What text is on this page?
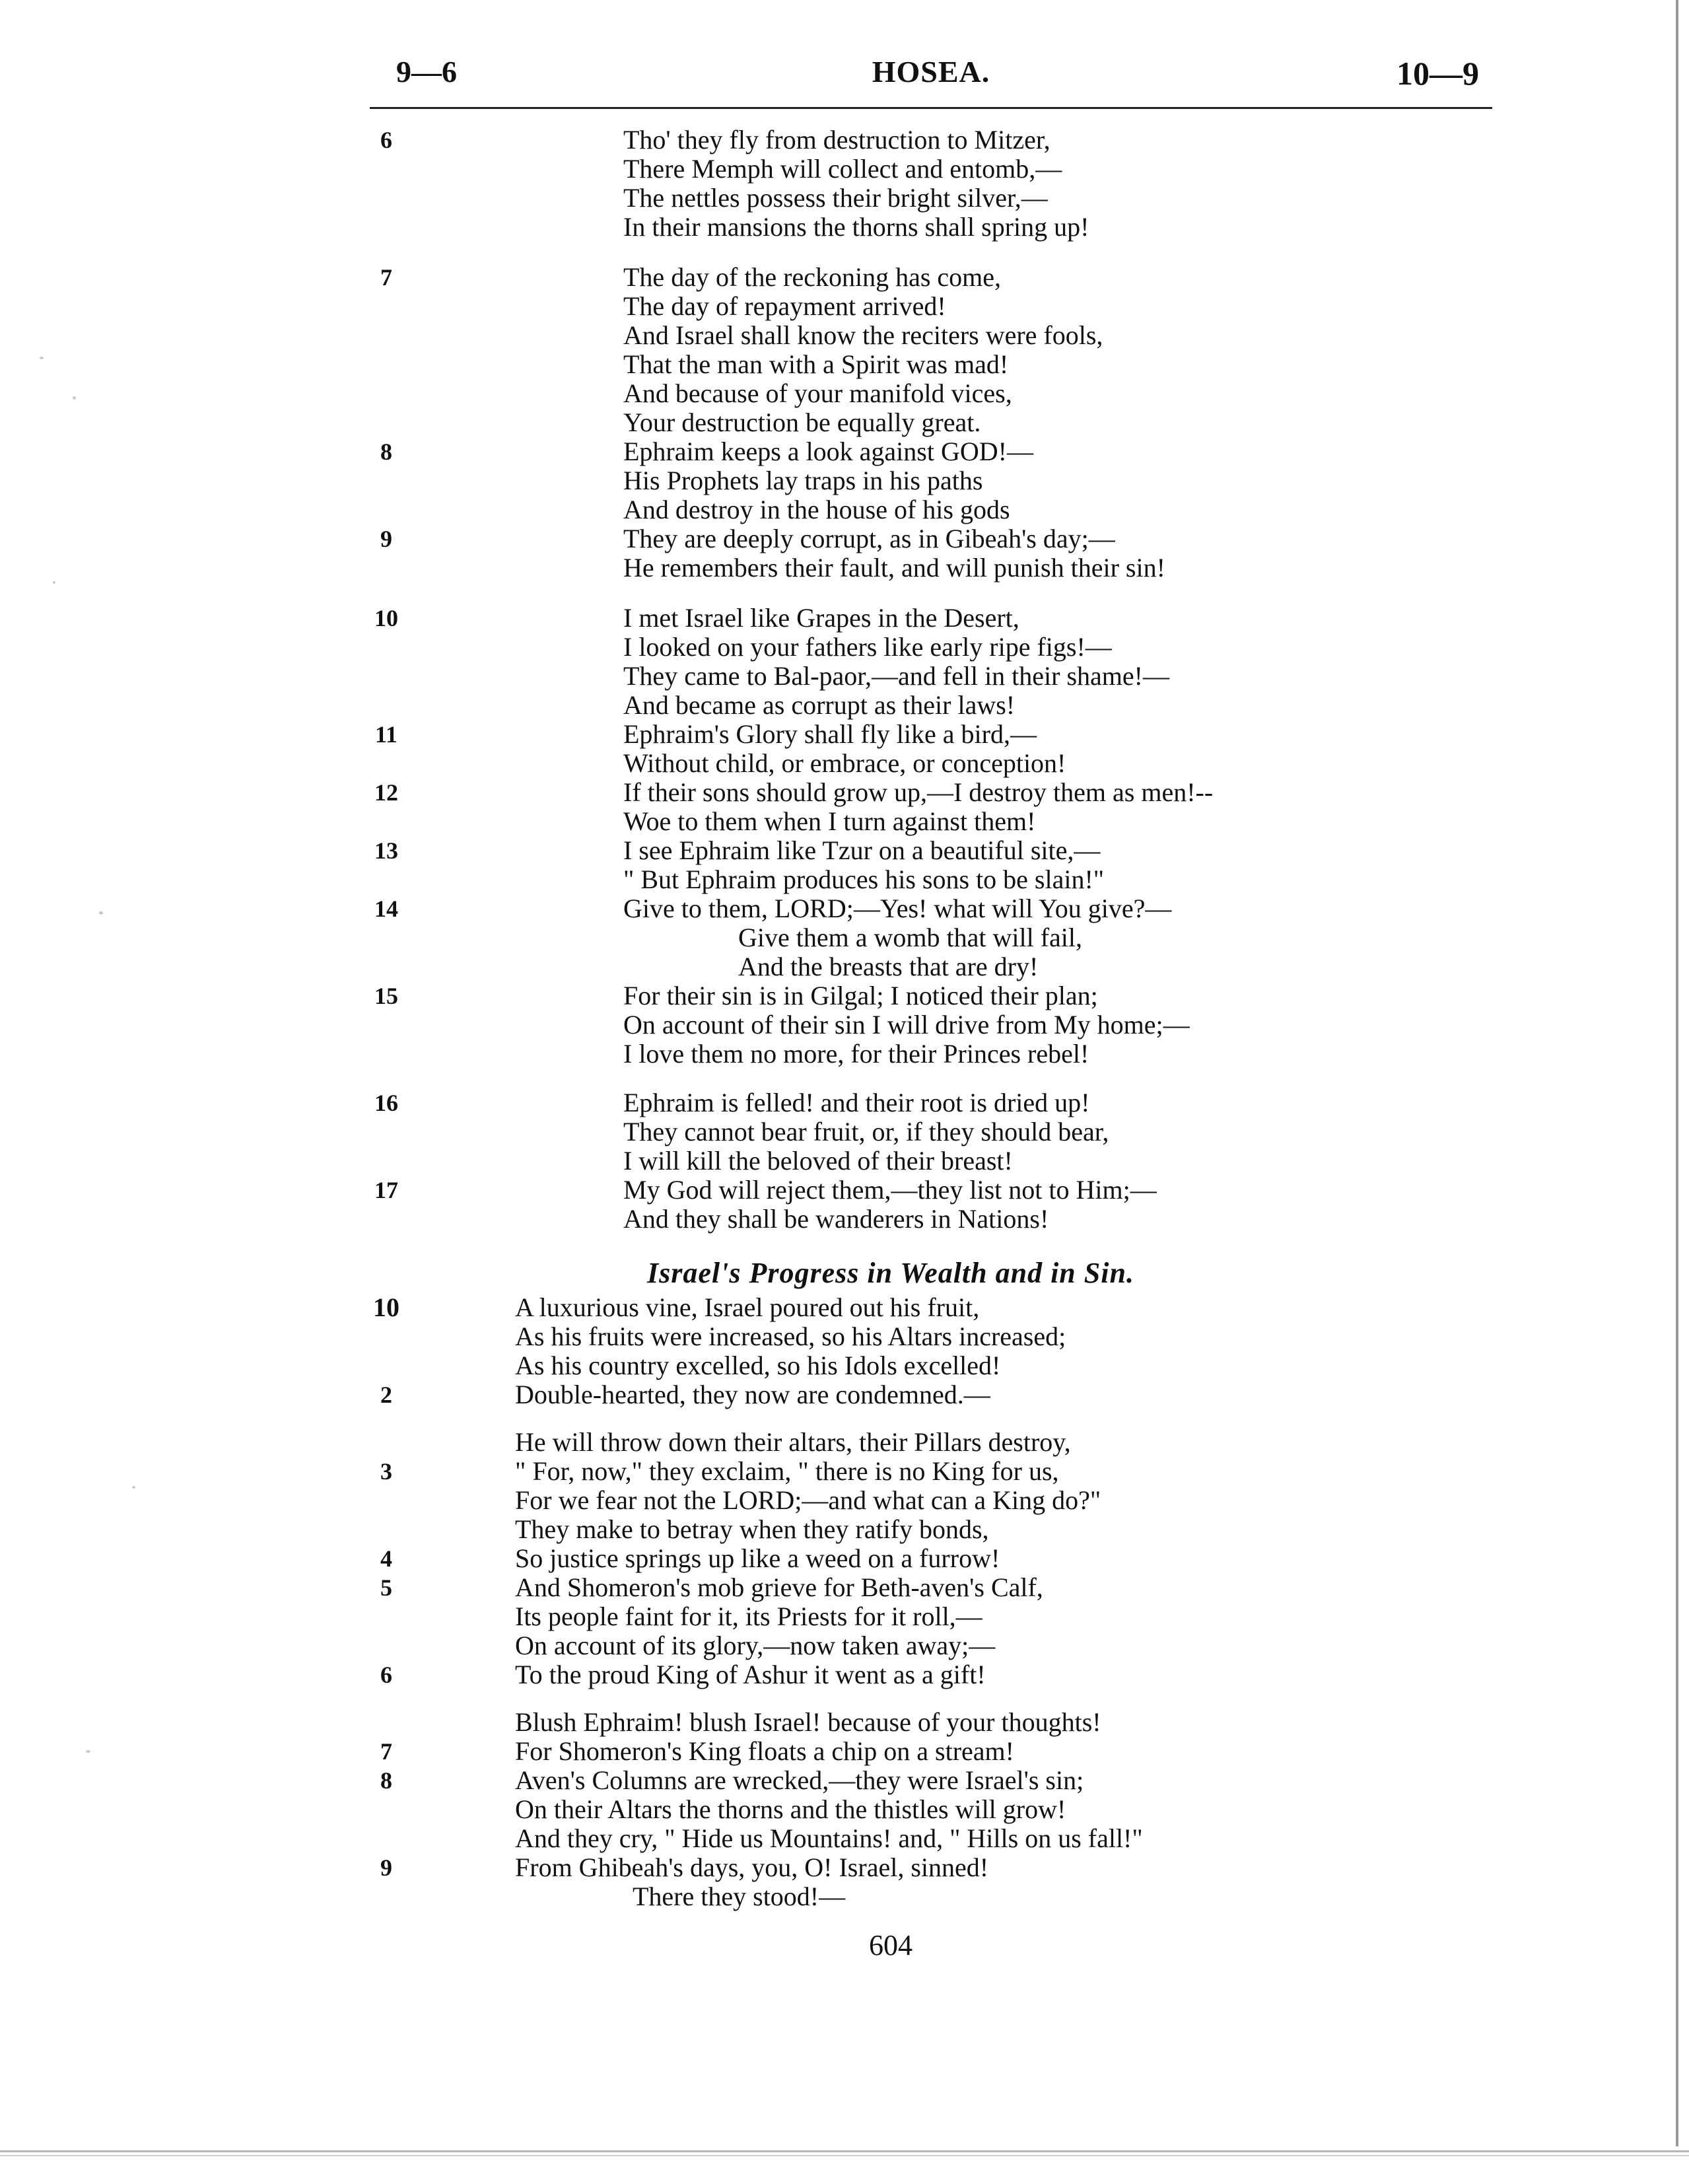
9—6	HOSEA.	10—9
6	Tho' they fly from destruction to Mitzer,
There Memph will collect and entomb,—
The nettles possess their bright silver,—
In their mansions the thorns shall spring up!
7	The day of the reckoning has come,
The day of repayment arrived!
And Israel shall know the reciters were fools,
That the man with a Spirit was mad!
And because of your manifold vices,
Your destruction be equally great.
8	Ephraim keeps a look against GOD!—
His Prophets lay traps in his paths
And destroy in the house of his gods
9	They are deeply corrupt, as in Gibeah's day;—
He remembers their fault, and will punish their sin!
10	I met Israel like Grapes in the Desert,
I looked on your fathers like early ripe figs!—
They came to Bal-paor,—and fell in their shame!—
And became as corrupt as their laws!
11	Ephraim's Glory shall fly like a bird,—
Without child, or embrace, or conception!
12	If their sons should grow up,—I destroy them as men!--
Woe to them when I turn against them!
13	I see Ephraim like Tzur on a beautiful site,—
" But Ephraim produces his sons to be slain!"
14	Give to them, LORD;—Yes! what will You give?—
Give them a womb that will fail,
And the breasts that are dry!
15	For their sin is in Gilgal; I noticed their plan;
On account of their sin I will drive from My home;—
I love them no more, for their Princes rebel!
16	Ephraim is felled! and their root is dried up!
They cannot bear fruit, or, if they should bear,
I will kill the beloved of their breast!
17	My God will reject them,—they list not to Him;—
And they shall be wanderers in Nations!
Israel's Progress in Wealth and in Sin.
10	A luxurious vine, Israel poured out his fruit,
As his fruits were increased, so his Altars increased;
As his country excelled, so his Idols excelled!
2	Double-hearted, they now are condemned.—
He will throw down their altars, their Pillars destroy,
3	" For, now," they exclaim, " there is no King for us,
For we fear not the LORD;—and what can a King do?"
They make to betray when they ratify bonds,
4	So justice springs up like a weed on a furrow!
5	And Shomeron's mob grieve for Beth-aven's Calf,
Its people faint for it, its Priests for it roll,—
On account of its glory,—now taken away;—
6	To the proud King of Ashur it went as a gift!
Blush Ephraim! blush Israel! because of your thoughts!
7	For Shomeron's King floats a chip on a stream!
8	Aven's Columns are wrecked,—they were Israel's sin;
On their Altars the thorns and the thistles will grow!
And they cry, " Hide us Mountains! and, " Hills on us fall!"
9	From Ghibeah's days, you, O! Israel, sinned!
There they stood!—
604
